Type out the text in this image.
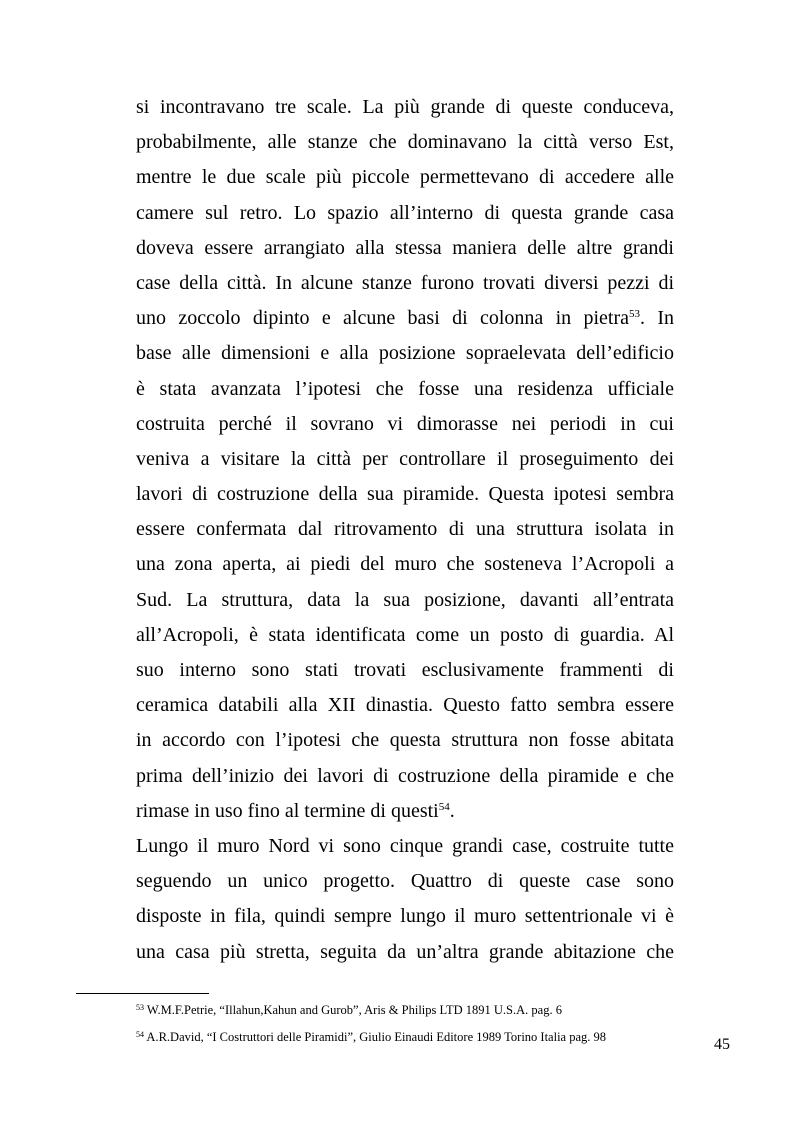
si incontravano tre scale. La più grande di queste conduceva,
probabilmente, alle stanze che dominavano la città verso Est,
mentre le due scale più piccole permettevano di accedere alle
camere sul retro. Lo spazio all’interno di questa grande casa
doveva essere arrangiato alla stessa maniera delle altre grandi
case della città. In alcune stanze furono trovati diversi pezzi di
uno zoccolo dipinto e alcune basi di colonna in pietra$^{53}$. In
base alle dimensioni e alla posizione sopraelevata dell’edificio
è stata avanzata l’ipotesi che fosse una residenza ufficiale
costruita perché il sovrano vi dimorasse nei periodi in cui
veniva a visitare la città per controllare il proseguimento dei
lavori di costruzione della sua piramide. Questa ipotesi sembra
essere confermata dal ritrovamento di una struttura isolata in
una zona aperta, ai piedi del muro che sosteneva l’Acropoli a
Sud. La struttura, data la sua posizione, davanti all’entrata
all’Acropoli, è stata identificata come un posto di guardia. Al
suo interno sono stati trovati esclusivamente frammenti di
ceramica databili alla XII dinastia. Questo fatto sembra essere
in accordo con l’ipotesi che questa struttura non fosse abitata
prima dell’inizio dei lavori di costruzione della piramide e che
rimase in uso fino al termine di questi$^{54}$.
Lungo il muro Nord vi sono cinque grandi case, costruite tutte
seguendo un unico progetto. Quattro di queste case sono
disposte in fila, quindi sempre lungo il muro settentrionale vi è
una casa più stretta, seguita da un’altra grande abitazione che
$^{53}$ W.M.F.Petrie, “Illahun,Kahun and Gurob”, Aris & Philips LTD 1891 U.S.A. pag. 6
$^{54}$ A.R.David, “I Costruttori delle Piramidi”, Giulio Einaudi Editore 1989 Torino Italia pag. 98	45
